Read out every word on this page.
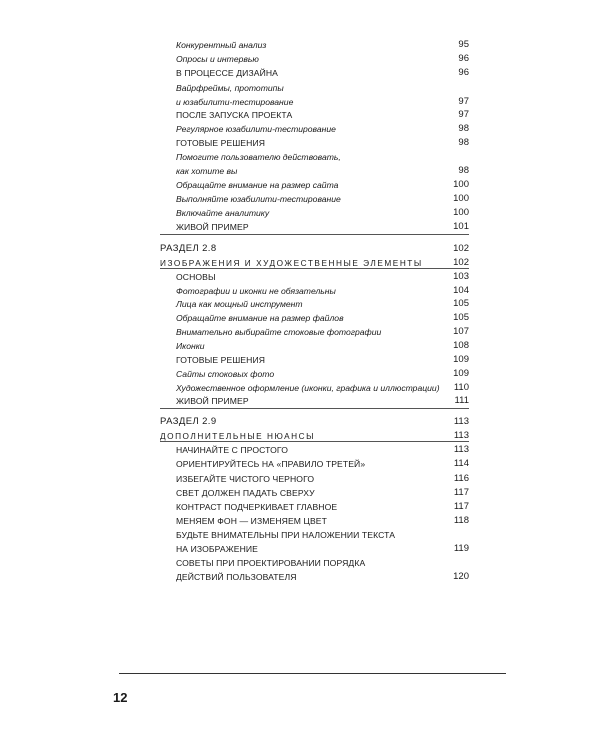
Конкурентный анализ	95
Опросы и интервью	96
В ПРОЦЕССЕ ДИЗАЙНА	96
Вайрфреймы, прототипы
и юзабилити-тестирование	97
ПОСЛЕ ЗАПУСКА ПРОЕКТА	97
Регулярное юзабилити-тестирование	98
ГОТОВЫЕ РЕШЕНИЯ	98
Помогите пользователю действовать,
как хотите вы	98
Обращайте внимание на размер сайта	100
Выполняйте юзабилити-тестирование	100
Включайте аналитику	100
ЖИВОЙ ПРИМЕР	101
РАЗДЕЛ 2.8	102
ИЗОБРАЖЕНИЯ И ХУДОЖЕСТВЕННЫЕ ЭЛЕМЕНТЫ	102
ОСНОВЫ	103
Фотографии и иконки не обязательны	104
Лица как мощный инструмент	105
Обращайте внимание на размер файлов	105
Внимательно выбирайте стоковые фотографии	107
Иконки	108
ГОТОВЫЕ РЕШЕНИЯ	109
Сайты стоковых фото	109
Художественное оформление (иконки, графика и иллюстрации) 110
ЖИВОЙ ПРИМЕР	111
РАЗДЕЛ 2.9	113
ДОПОЛНИТЕЛЬНЫЕ НЮАНСЫ	113
НАЧИНАЙТЕ С ПРОСТОГО	113
ОРИЕНТИРУЙТЕСЬ НА «ПРАВИЛО ТРЕТЕЙ»	114
ИЗБЕГАЙТЕ ЧИСТОГО ЧЕРНОГО	116
СВЕТ ДОЛЖЕН ПАДАТЬ СВЕРХУ	117
КОНТРАСТ ПОДЧЕРКИВАЕТ ГЛАВНОЕ	117
МЕНЯЕМ ФОН — ИЗМЕНЯЕМ ЦВЕТ	118
БУДЬТЕ ВНИМАТЕЛЬНЫ ПРИ НАЛОЖЕНИИ ТЕКСТА
НА ИЗОБРАЖЕНИЕ	119
СОВЕТЫ ПРИ ПРОЕКТИРОВАНИИ ПОРЯДКА
ДЕЙСТВИЙ ПОЛЬЗОВАТЕЛЯ	120
12
